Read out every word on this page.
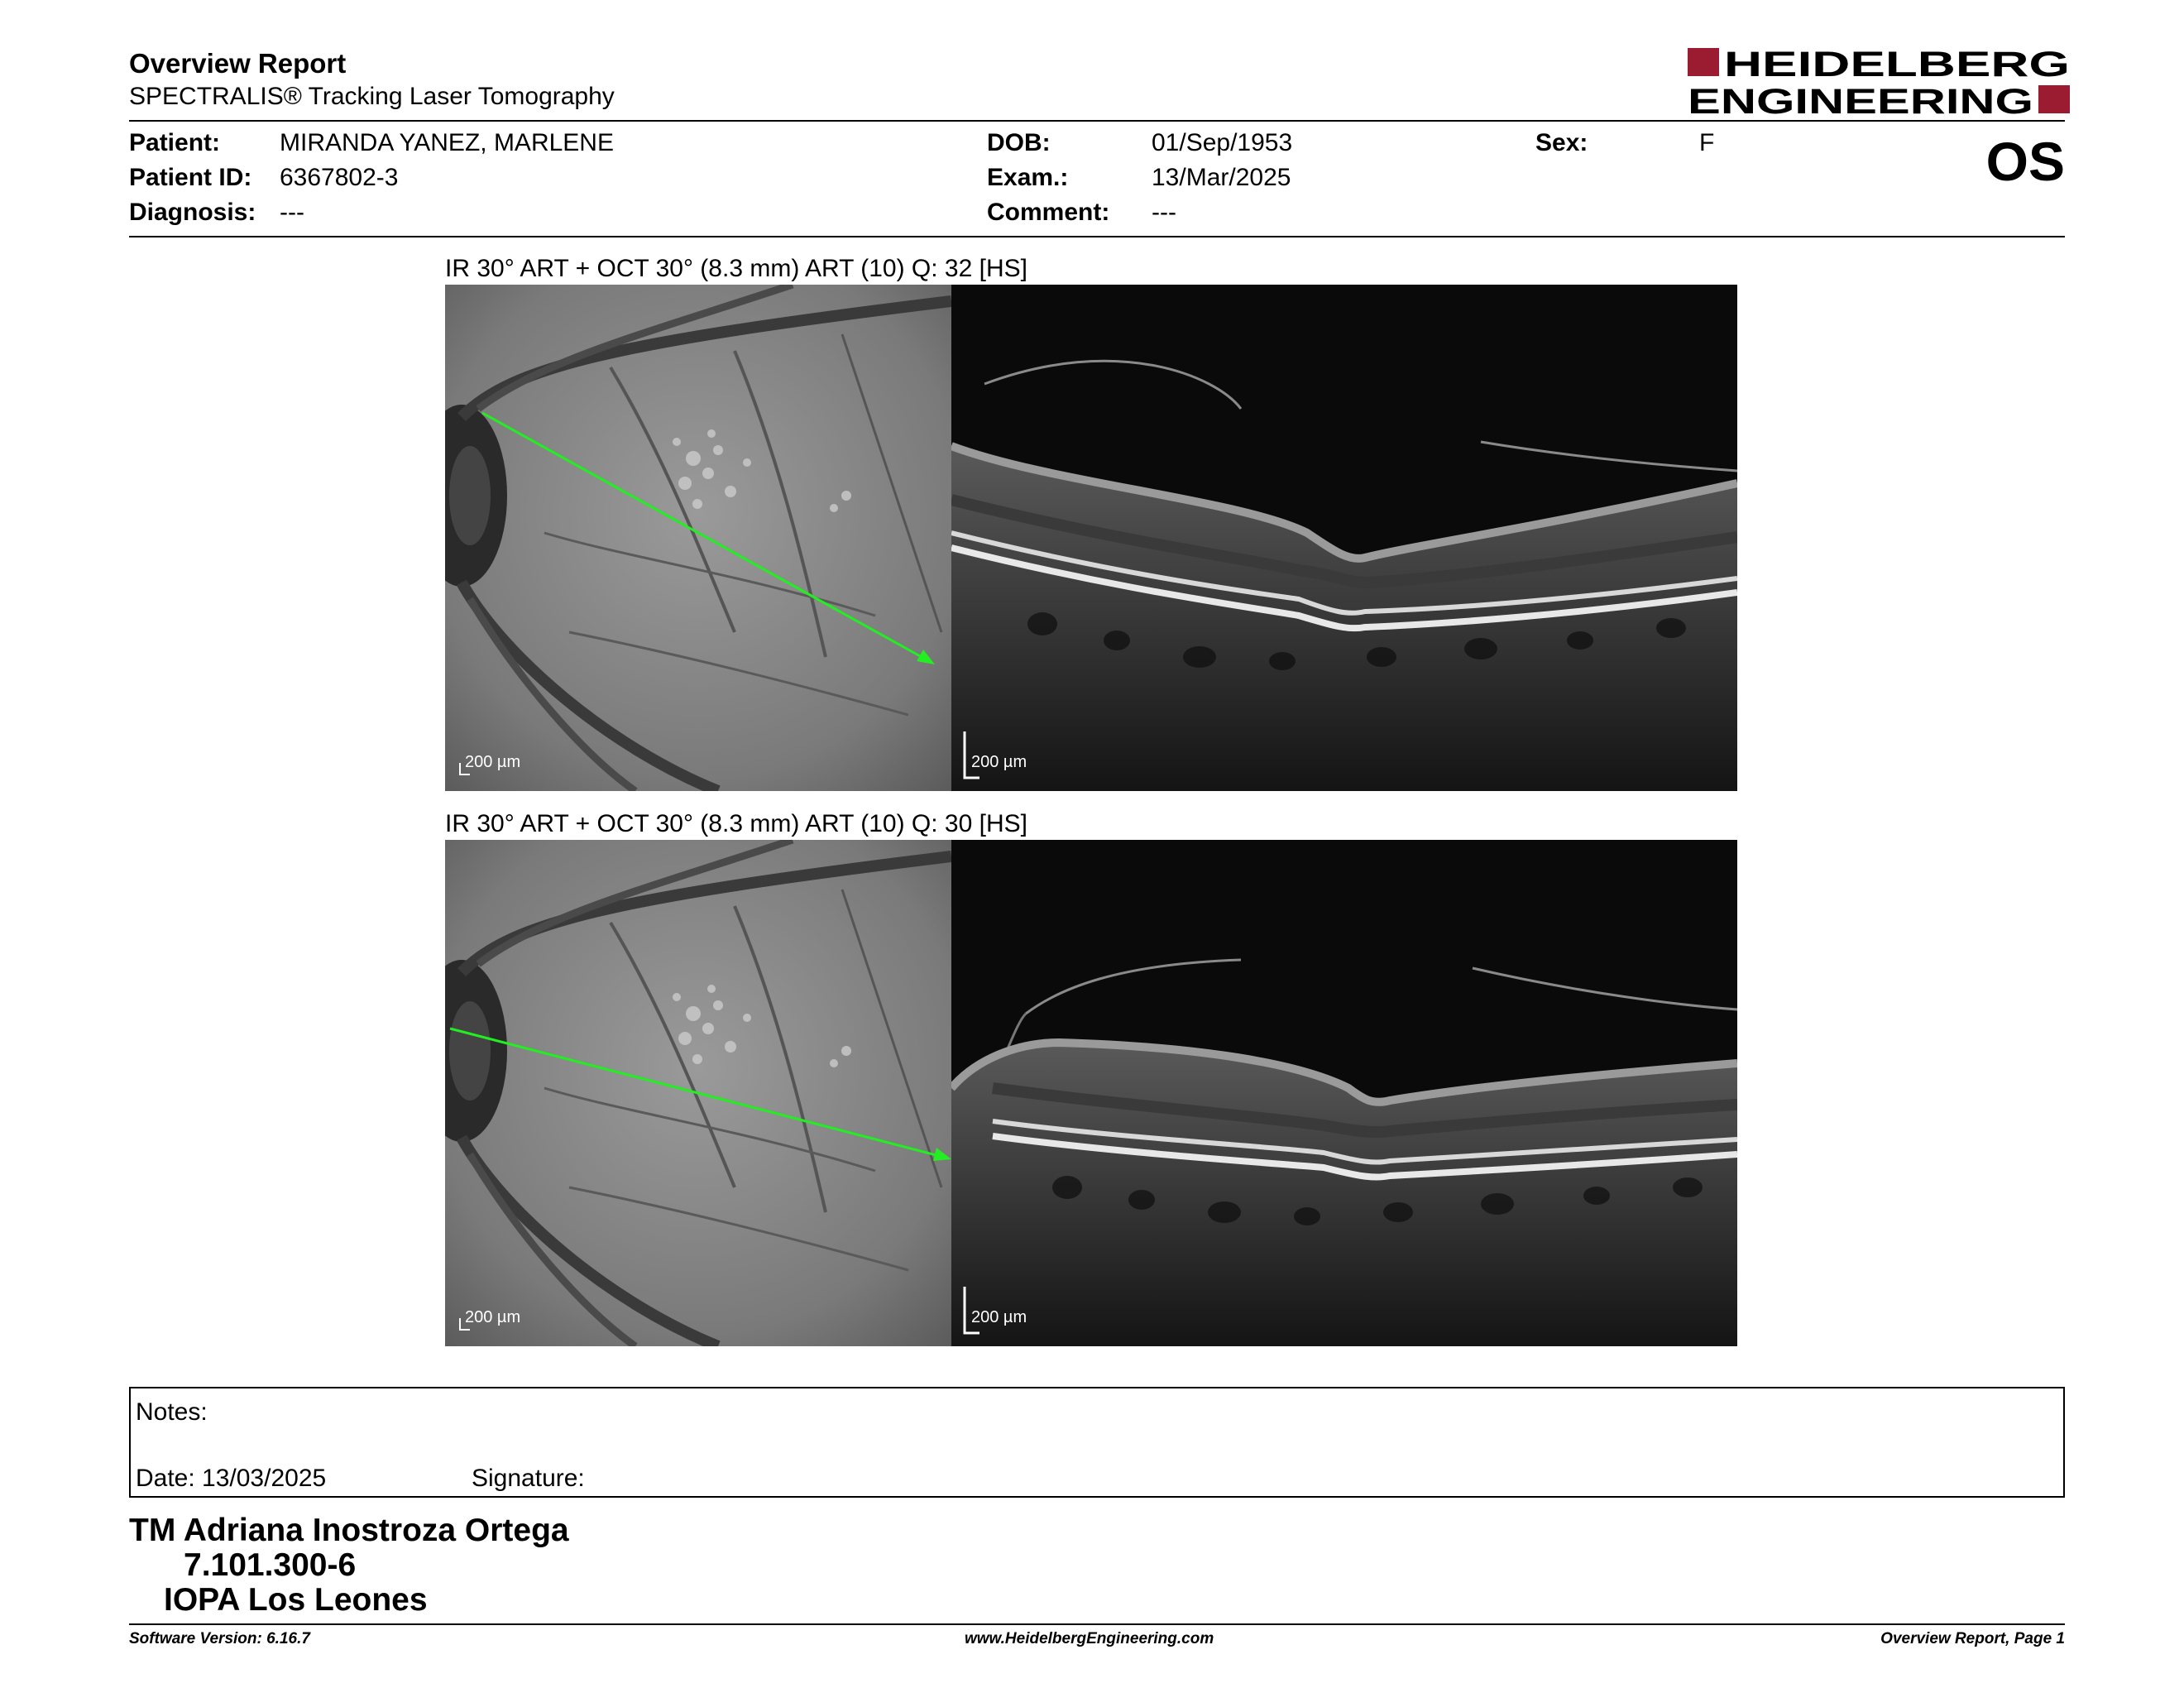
Overview Report
SPECTRALIS® Tracking Laser Tomography
HEIDELBERG
ENGINEERING
Patient: MIRANDA YANEZ, MARLENE
Patient ID: 6367802-3
Diagnosis: ---
DOB:	01/Sep/1953
Exam.:	13/Mar/2025
Comment: ---
Sex:	F	OS
IR 30° ART + OCT 30° (8.3 mm) ART (10) Q: 32 [HS]
200 µm	200 µm
IR 30° ART + OCT 30° (8.3 mm) ART (10) Q: 30 [HS]
200 µm	200 µm
Notes:
Date: 13/03/2025	Signature:
TM Adriana Inostroza Ortega
7.101.300-6
IOPA Los Leones
Software Version: 6.16.7	www.HeidelbergEngineering.com	Overview Report, Page 1
